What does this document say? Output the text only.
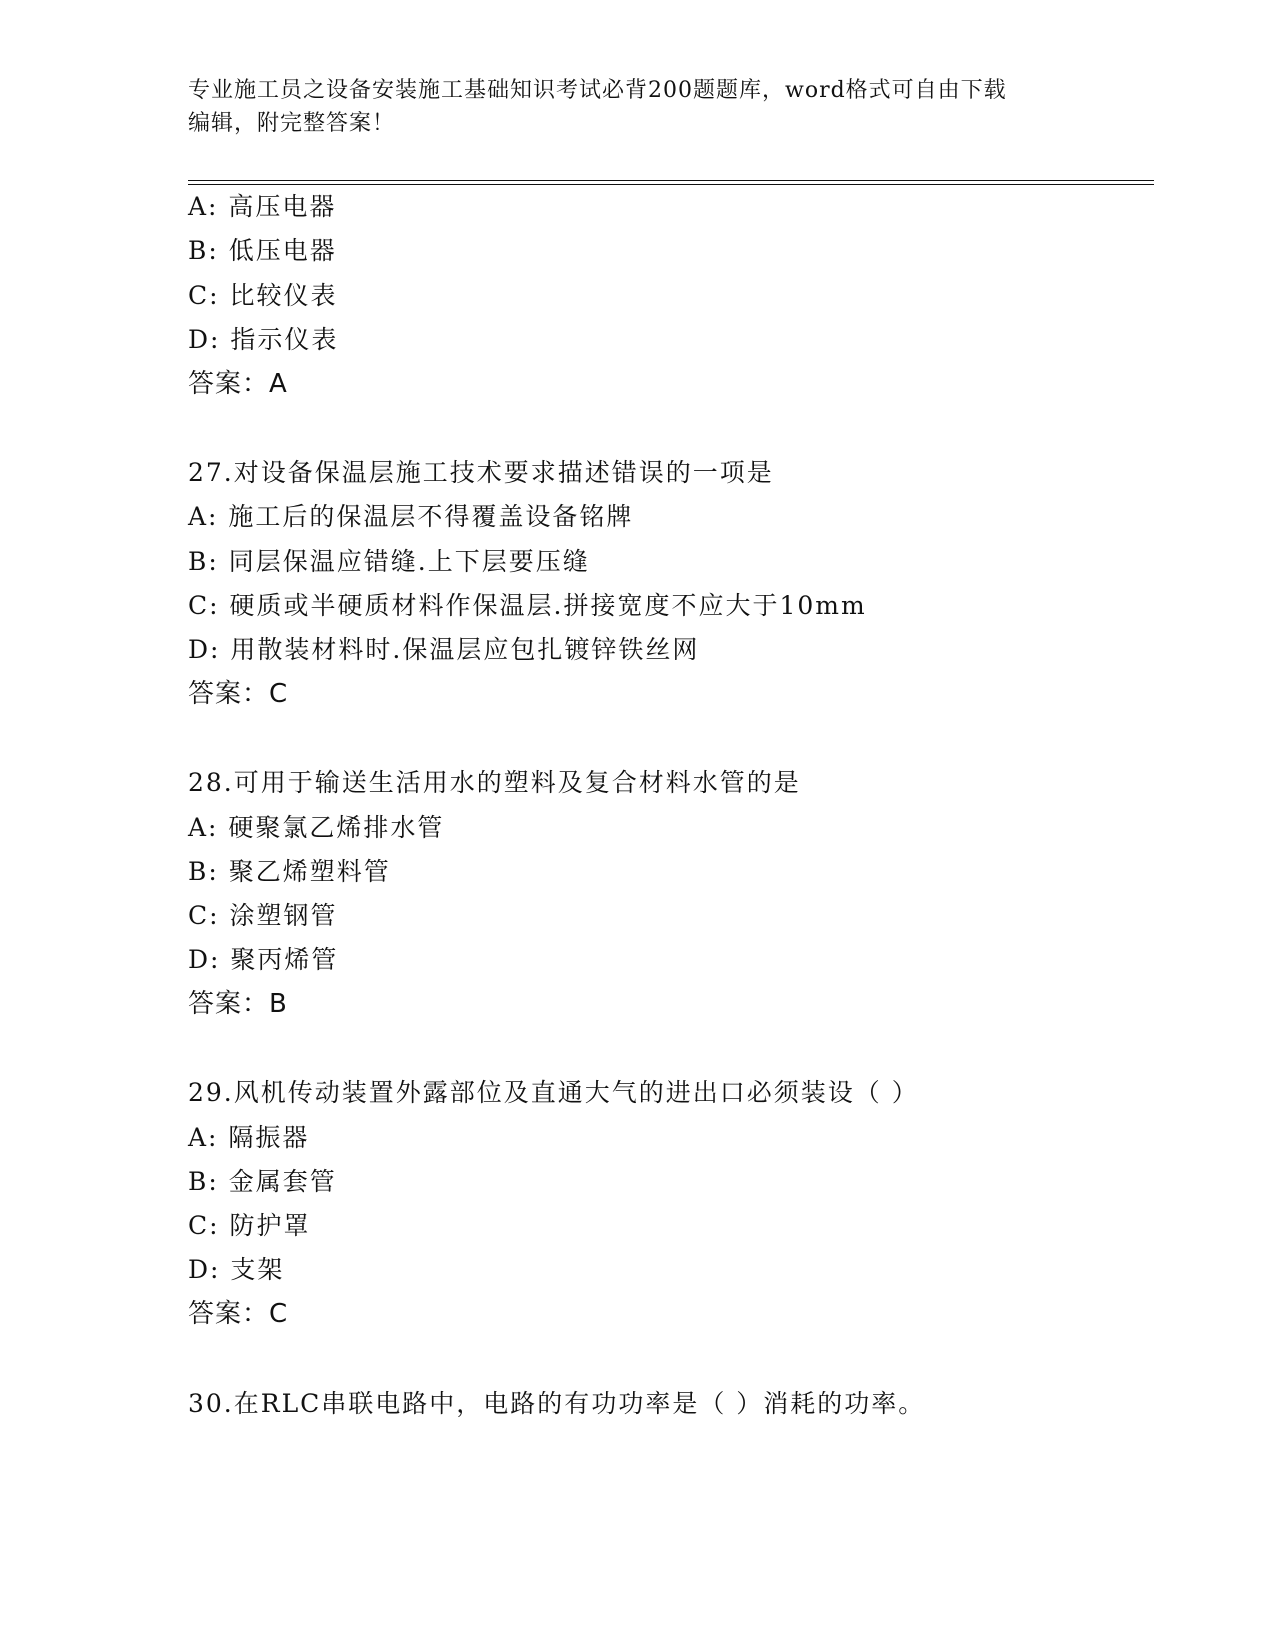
专业施工员之设备安装施工基础知识考试必背200题题库，word格式可自由下载
编辑，附完整答案！
A: 高压电器
B: 低压电器
C: 比较仪表
D: 指示仪表
答案：A
27.对设备保温层施工技术要求描述错误的一项是
A: 施工后的保温层不得覆盖设备铭牌
B: 同层保温应错缝.上下层要压缝
C: 硬质或半硬质材料作保温层.拼接宽度不应大于10mm
D: 用散装材料时.保温层应包扎镀锌铁丝网
答案：C
28.可用于输送生活用水的塑料及复合材料水管的是
A: 硬聚氯乙烯排水管
B: 聚乙烯塑料管
C: 涂塑钢管
D: 聚丙烯管
答案：B
29.风机传动装置外露部位及直通大气的进出口必须装设（ ）
A: 隔振器
B: 金属套管
C: 防护罩
D: 支架
答案：C
30.在RLC串联电路中，电路的有功功率是（ ）消耗的功率。
